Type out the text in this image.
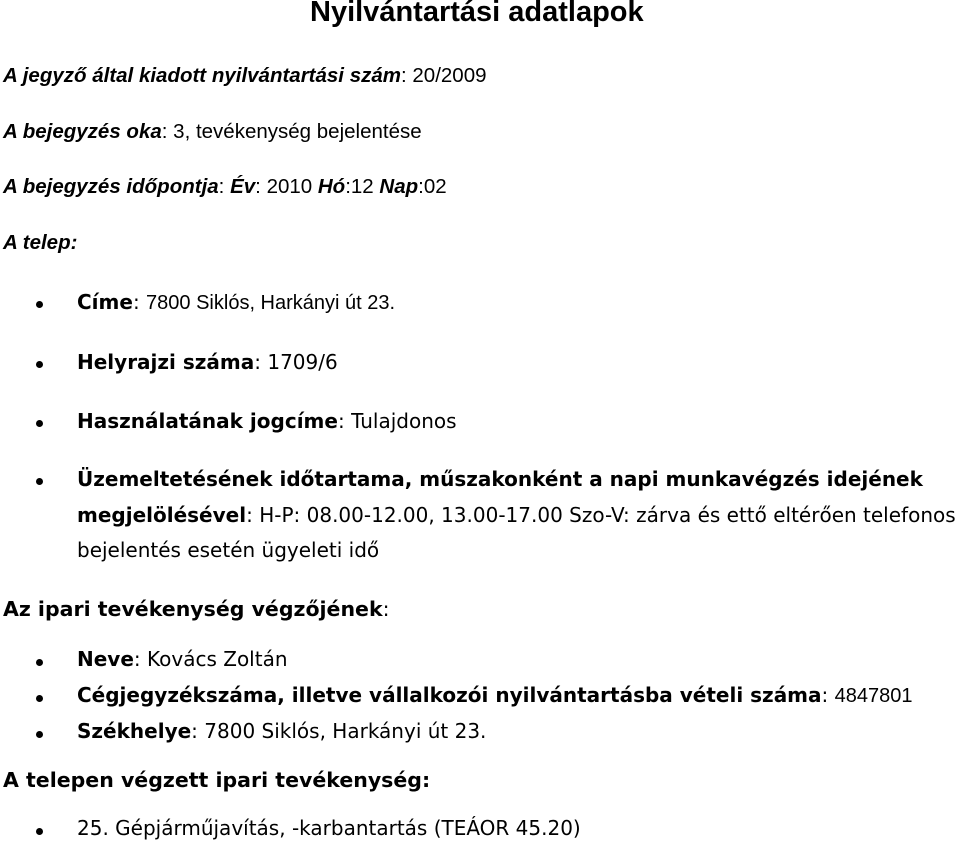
Nyilvántartási adatlapok
A jegyző által kiadott nyilvántartási szám: 20/2009
A bejegyzés oka: 3, tevékenység bejelentése
A bejegyzés időpontja: Év: 2010 Hó:12 Nap:02
A telep:
Címe: 7800 Siklós, Harkányi út 23.
Helyrajzi száma: 1709/6
Használatának jogcíme: Tulajdonos
Üzemeltetésének időtartama, műszakonként a napi munkavégzés idejének
megjelölésével: H-P: 08.00-12.00, 13.00-17.00 Szo-V: zárva és ettő eltérően telefonos
bejelentés esetén ügyeleti idő
Az ipari tevékenység végzőjének:
Neve: Kovács Zoltán
Cégjegyzékszáma, illetve vállalkozói nyilvántartásba vételi száma: 4847801
Székhelye: 7800 Siklós, Harkányi út 23.
A telepen végzett ipari tevékenység:
25. Gépjárműjavítás, -karbantartás (TEÁOR 45.20)
